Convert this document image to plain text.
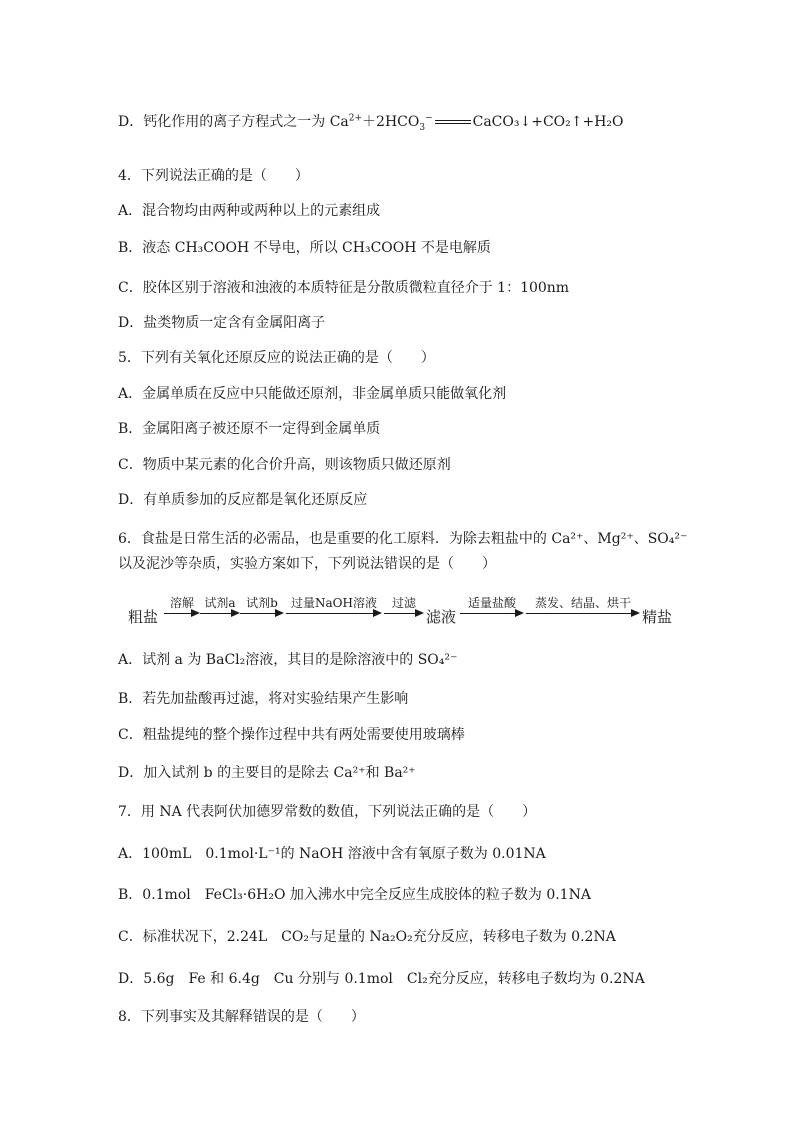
D．钙化作用的离子方程式之一为 $Ca^{2+}+2HCO_3^-$	CaCO₃↓+CO₂↑+H₂O
4．下列说法正确的是（　　）
A．混合物均由两种或两种以上的元素组成
B．液态 CH₃COOH 不导电，所以 CH₃COOH 不是电解质
C．胶体区别于溶液和浊液的本质特征是分散质微粒直径介于 1：100nm
D．盐类物质一定含有金属阳离子
5．下列有关氧化还原反应的说法正确的是（　　）
A．金属单质在反应中只能做还原剂，非金属单质只能做氧化剂
B．金属阳离子被还原不一定得到金属单质
C．物质中某元素的化合价升高，则该物质只做还原剂
D．有单质参加的反应都是氧化还原反应
6．食盐是日常生活的必需品，也是重要的化工原料．为除去粗盐中的 Ca²⁺、Mg²⁺、SO₄²⁻
以及泥沙等杂质，实验方案如下，下列说法错误的是（　　）
粗盐
溶解 试剂a 试剂b	过量NaOH溶液	过滤
滤液
适量盐酸	蒸发、结晶、烘干
精盐
A．试剂 a 为 BaCl₂溶液，其目的是除溶液中的 SO₄²⁻
B．若先加盐酸再过滤，将对实验结果产生影响
C．粗盐提纯的整个操作过程中共有两处需要使用玻璃棒
D．加入试剂 b 的主要目的是除去 Ca²⁺和 Ba²⁺
7．用 NA 代表阿伏加德罗常数的数值，下列说法正确的是（　　）
A．100mL　0.1mol·L⁻¹的 NaOH 溶液中含有氧原子数为 0.01NA
B．0.1mol　FeCl₃·6H₂O 加入沸水中完全反应生成胶体的粒子数为 0.1NA
C．标准状况下，2.24L　CO₂与足量的 Na₂O₂充分反应，转移电子数为 0.2NA
D．5.6g　Fe 和 6.4g　Cu 分别与 0.1mol　Cl₂充分反应，转移电子数均为 0.2NA
8．下列事实及其解释错误的是（　　）
